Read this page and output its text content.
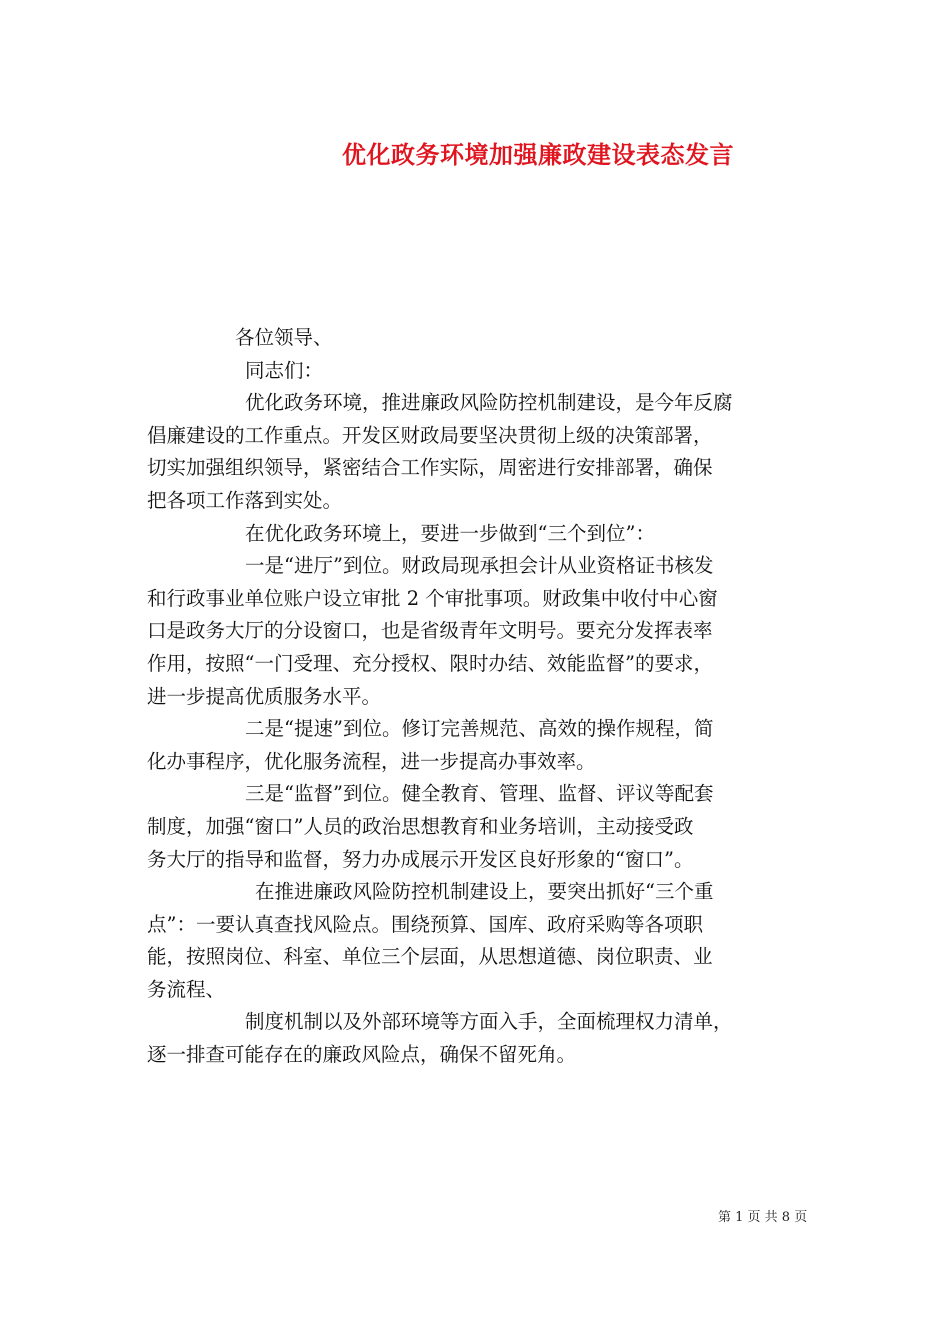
优化政务环境加强廉政建设表态发言
各位领导、
同志们：
优化政务环境，推进廉政风险防控机制建设，是今年反腐
倡廉建设的工作重点。开发区财政局要坚决贯彻上级的决策部署，
切实加强组织领导，紧密结合工作实际，周密进行安排部署，确保
把各项工作落到实处。
在优化政务环境上，要进一步做到“三个到位”：
一是“进厅”到位。财政局现承担会计从业资格证书核发
和行政事业单位账户设立审批 2 个审批事项。财政集中收付中心窗
口是政务大厅的分设窗口，也是省级青年文明号。要充分发挥表率
作用，按照“一门受理、充分授权、限时办结、效能监督”的要求，
进一步提高优质服务水平。
二是“提速”到位。修订完善规范、高效的操作规程，简
化办事程序，优化服务流程，进一步提高办事效率。
三是“监督”到位。健全教育、管理、监督、评议等配套
制度，加强“窗口”人员的政治思想教育和业务培训，主动接受政
务大厅的指导和监督，努力办成展示开发区良好形象的“窗口”。
在推进廉政风险防控机制建设上，要突出抓好“三个重
点”：一要认真查找风险点。围绕预算、国库、政府采购等各项职
能，按照岗位、科室、单位三个层面，从思想道德、岗位职责、业
务流程、
制度机制以及外部环境等方面入手，全面梳理权力清单，
逐一排查可能存在的廉政风险点，确保不留死角。
第 1 页 共 8 页
